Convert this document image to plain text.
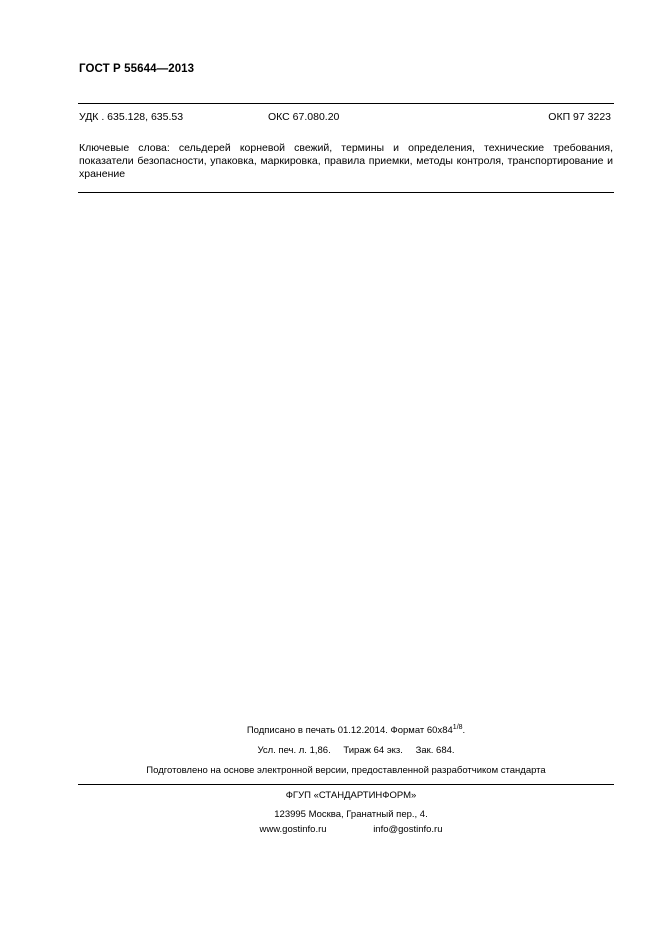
ГОСТ Р 55644—2013
УДК . 635.128, 635.53	ОКС 67.080.20	ОКП 97 3223
Ключевые слова: сельдерей корневой свежий, термины и определения, технические требования, показатели безопасности, упаковка, маркировка, правила приемки, методы контроля, транспортирование и хранение
Подписано в печать 01.12.2014. Формат $60х84^{1/8}$.
Усл. печ. л. 1,86. Тираж 64 экз. Зак. 684.
Подготовлено на основе электронной версии, предоставленной разработчиком стандарта
ФГУП «СТАНДАРТИНФОРМ»
123995 Москва, Гранатный пер., 4.
www.gostinfo.ru	info@gostinfo.ru
